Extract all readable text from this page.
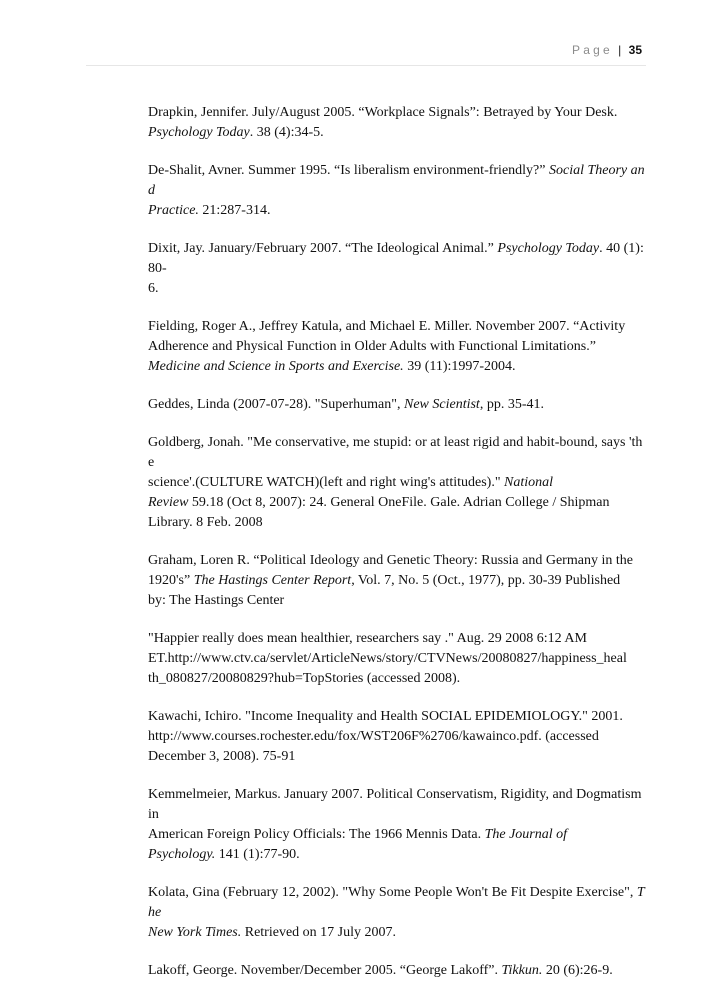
Page | 35
Drapkin, Jennifer. July/August 2005. “Workplace Signals”: Betrayed by Your Desk.
Psychology Today. 38 (4):34-5.
De-Shalit, Avner. Summer 1995. “Is liberalism environment-friendly?” Social Theory and
Practice. 21:287-314.
Dixit, Jay. January/February 2007. “The Ideological Animal.” Psychology Today. 40 (1):80-
6.
Fielding, Roger A., Jeffrey Katula, and Michael E. Miller. November 2007. “Activity
Adherence and Physical Function in Older Adults with Functional Limitations.”
Medicine and Science in Sports and Exercise. 39 (11):1997-2004.
Geddes, Linda (2007-07-28). "Superhuman", New Scientist, pp. 35-41.
Goldberg, Jonah. "Me conservative, me stupid: or at least rigid and habit-bound, says 'the
science'.(CULTURE WATCH)(left and right wing's attitudes)." National
Review 59.18 (Oct 8, 2007): 24. General OneFile. Gale. Adrian College / Shipman
Library. 8 Feb. 2008
Graham, Loren R. “Political Ideology and Genetic Theory: Russia and Germany in the
1920's” The Hastings Center Report, Vol. 7, No. 5 (Oct., 1977), pp. 30-39 Published
by: The Hastings Center
"Happier really does mean healthier, researchers say ." Aug. 29 2008 6:12 AM
ET.http://www.ctv.ca/servlet/ArticleNews/story/CTVNews/20080827/happiness_heal
th_080827/20080829?hub=TopStories (accessed 2008).
Kawachi, Ichiro. "Income Inequality and Health SOCIAL EPIDEMIOLOGY." 2001.
http://www.courses.rochester.edu/fox/WST206F%2706/kawainco.pdf. (accessed
December 3, 2008). 75-91
Kemmelmeier, Markus. January 2007. Political Conservatism, Rigidity, and Dogmatism in
American Foreign Policy Officials: The 1966 Mennis Data. The Journal of
Psychology. 141 (1):77-90.
Kolata, Gina (February 12, 2002). "Why Some People Won't Be Fit Despite Exercise", The
New York Times. Retrieved on 17 July 2007.
Lakoff, George. November/December 2005. “George Lakoff”. Tikkun. 20 (6):26-9.
